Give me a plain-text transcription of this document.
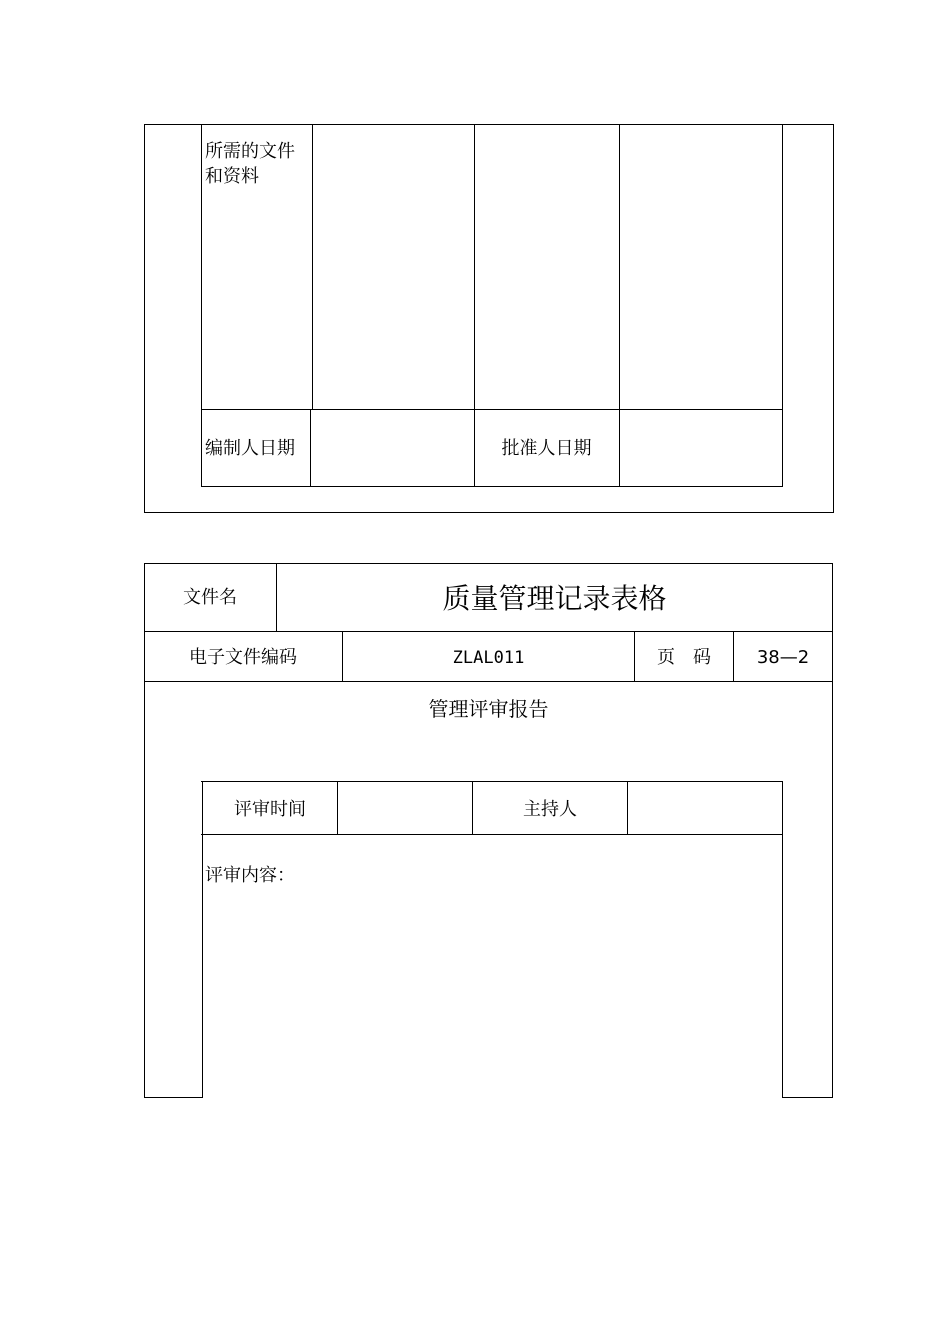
所需的文件
和资料
编制人日期	批准人日期
文件名	质量管理记录表格
电子文件编码	ZLAL011	页　码	38—2
管理评审报告
评审时间	主持人
评审内容：
